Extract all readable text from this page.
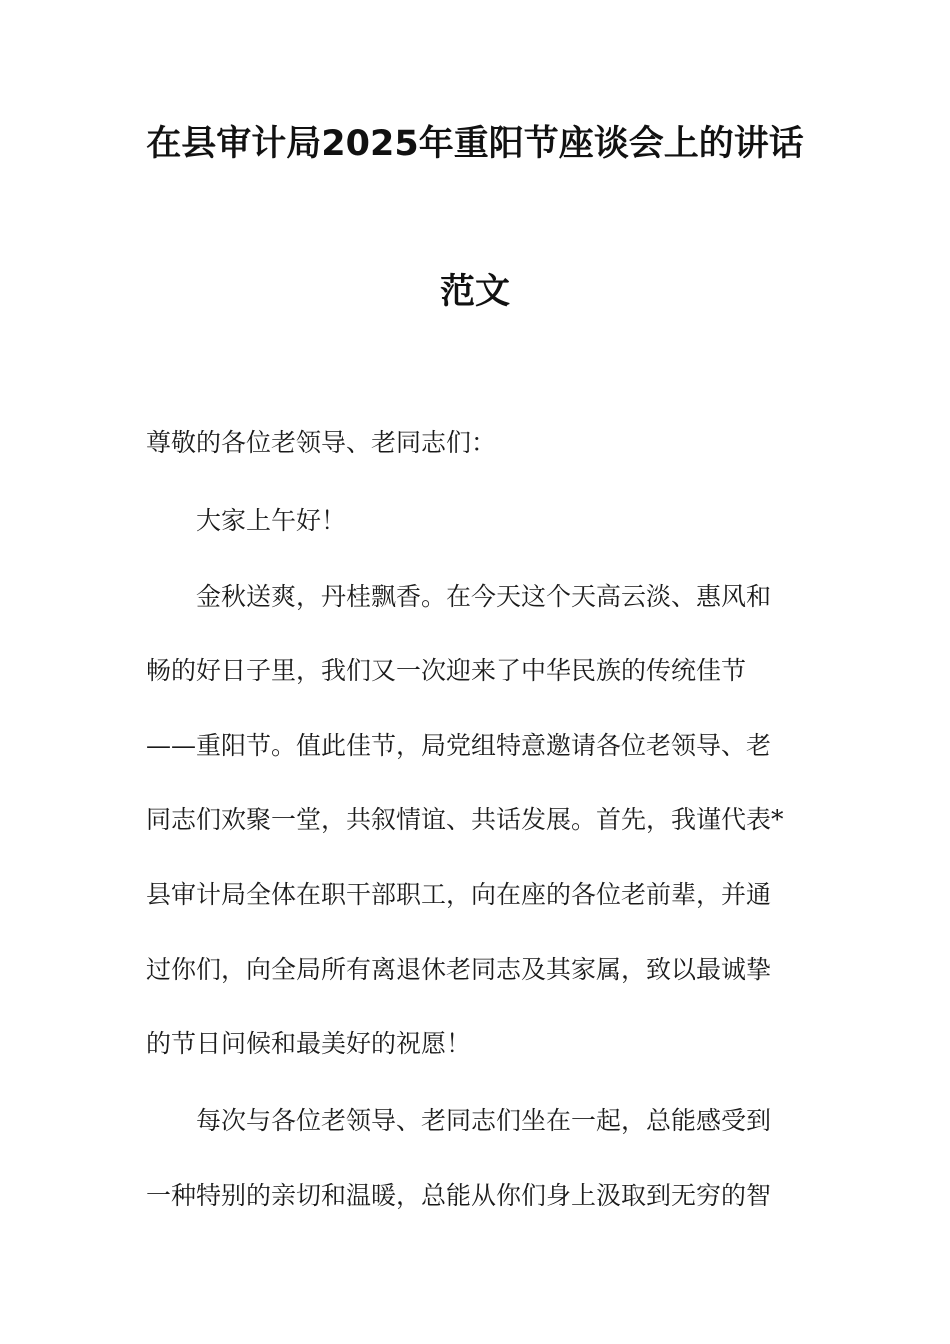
在县审计局2025年重阳节座谈会上的讲话
范文
尊敬的各位老领导、老同志们：
大家上午好！
金秋送爽，丹桂飘香。在今天这个天高云淡、惠风和
畅的好日子里，我们又一次迎来了中华民族的传统佳节
——重阳节。值此佳节，局党组特意邀请各位老领导、老
同志们欢聚一堂，共叙情谊、共话发展。首先，我谨代表*
县审计局全体在职干部职工，向在座的各位老前辈，并通
过你们，向全局所有离退休老同志及其家属，致以最诚挚
的节日问候和最美好的祝愿！
每次与各位老领导、老同志们坐在一起，总能感受到
一种特别的亲切和温暖，总能从你们身上汲取到无穷的智
